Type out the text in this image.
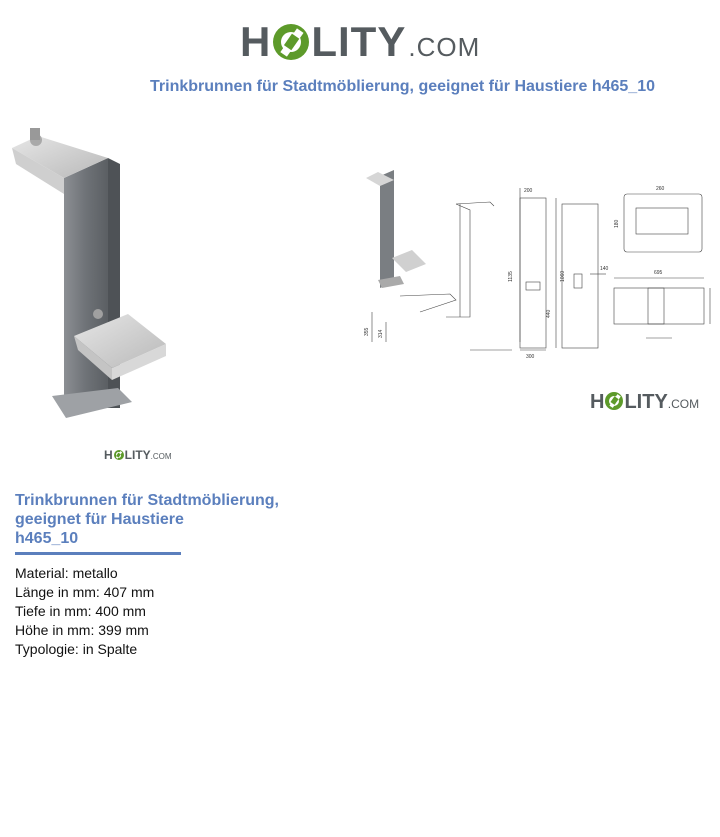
H LITY .COM
Trinkbrunnen für Stadtmöblierung, geeignet für Haustiere h465_10
H LITY .COM
200
1135
440
300
1060
260
180
695
140
355 314
H LITY .COM
Trinkbrunnen für Stadtmöblierung,
geeignet für Haustiere
h465_10
Material: metallo
Länge in mm: 407 mm
Tiefe in mm: 400 mm
Höhe in mm: 399 mm
Typologie: in Spalte
